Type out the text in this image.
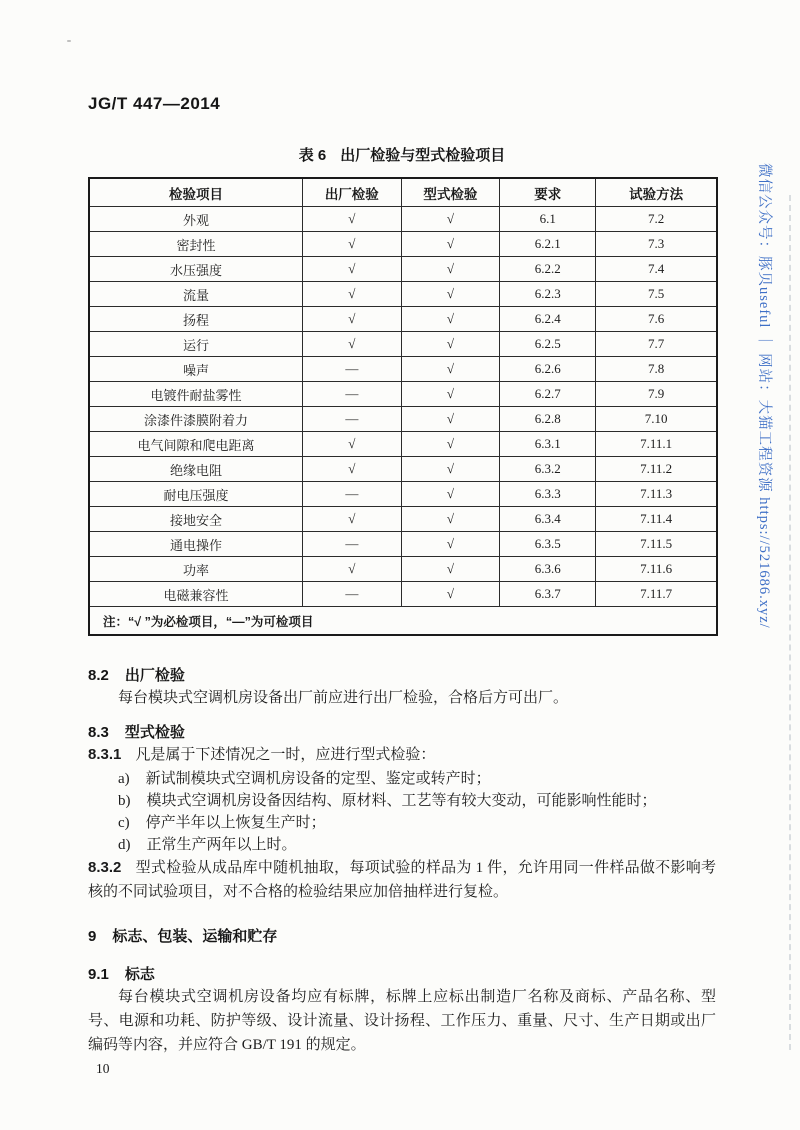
JG/T 447—2014
表 6 出厂检验与型式检验项目
检验项目	出厂检验	型式检验	要求	试验方法
外观	√	√	6.1	7.2
密封性	√	√	6.2.1	7.3
水压强度	√	√	6.2.2	7.4
流量	√	√	6.2.3	7.5
扬程	√	√	6.2.4	7.6
运行	√	√	6.2.5	7.7
噪声	—	√	6.2.6	7.8
电镀件耐盐雾性	—	√	6.2.7	7.9
涂漆件漆膜附着力	—	√	6.2.8	7.10
电气间隙和爬电距离	√	√	6.3.1	7.11.1
绝缘电阻	√	√	6.3.2	7.11.2
耐电压强度	—	√	6.3.3	7.11.3
接地安全	√	√	6.3.4	7.11.4
通电操作	—	√	6.3.5	7.11.5
功率	√	√	6.3.6	7.11.6
电磁兼容性	—	√	6.3.7	7.11.7
注：“√ ”为必检项目，“—”为可检项目				
8.2 出厂检验

每台模块式空调机房设备出厂前应进行出厂检验，合格后方可出厂。

8.3 型式检验

8.3.1 凡是属于下述情况之一时，应进行型式检验：

a) 新试制模块式空调机房设备的定型、鉴定或转产时；
b) 模块式空调机房设备因结构、原材料、工艺等有较大变动，可能影响性能时；
c) 停产半年以上恢复生产时；
d) 正常生产两年以上时。

8.3.2 型式检验从成品库中随机抽取，每项试验的样品为 1 件，允许用同一件样品做不影响考核的不同试验项目，对不合格的检验结果应加倍抽样进行复检。

9 标志、包装、运输和贮存
9.1 标志

每台模块式空调机房设备均应有标牌，标牌上应标出制造厂名称及商标、产品名称、型号、电源和功耗、防护等级、设计流量、设计扬程、工作压力、重量、尺寸、生产日期或出厂编码等内容，并应符合 GB/T 191 的规定。

10
微信公众号：豚贝useful ｜ 网站：大猫工程资源 https://521686.xyz/
